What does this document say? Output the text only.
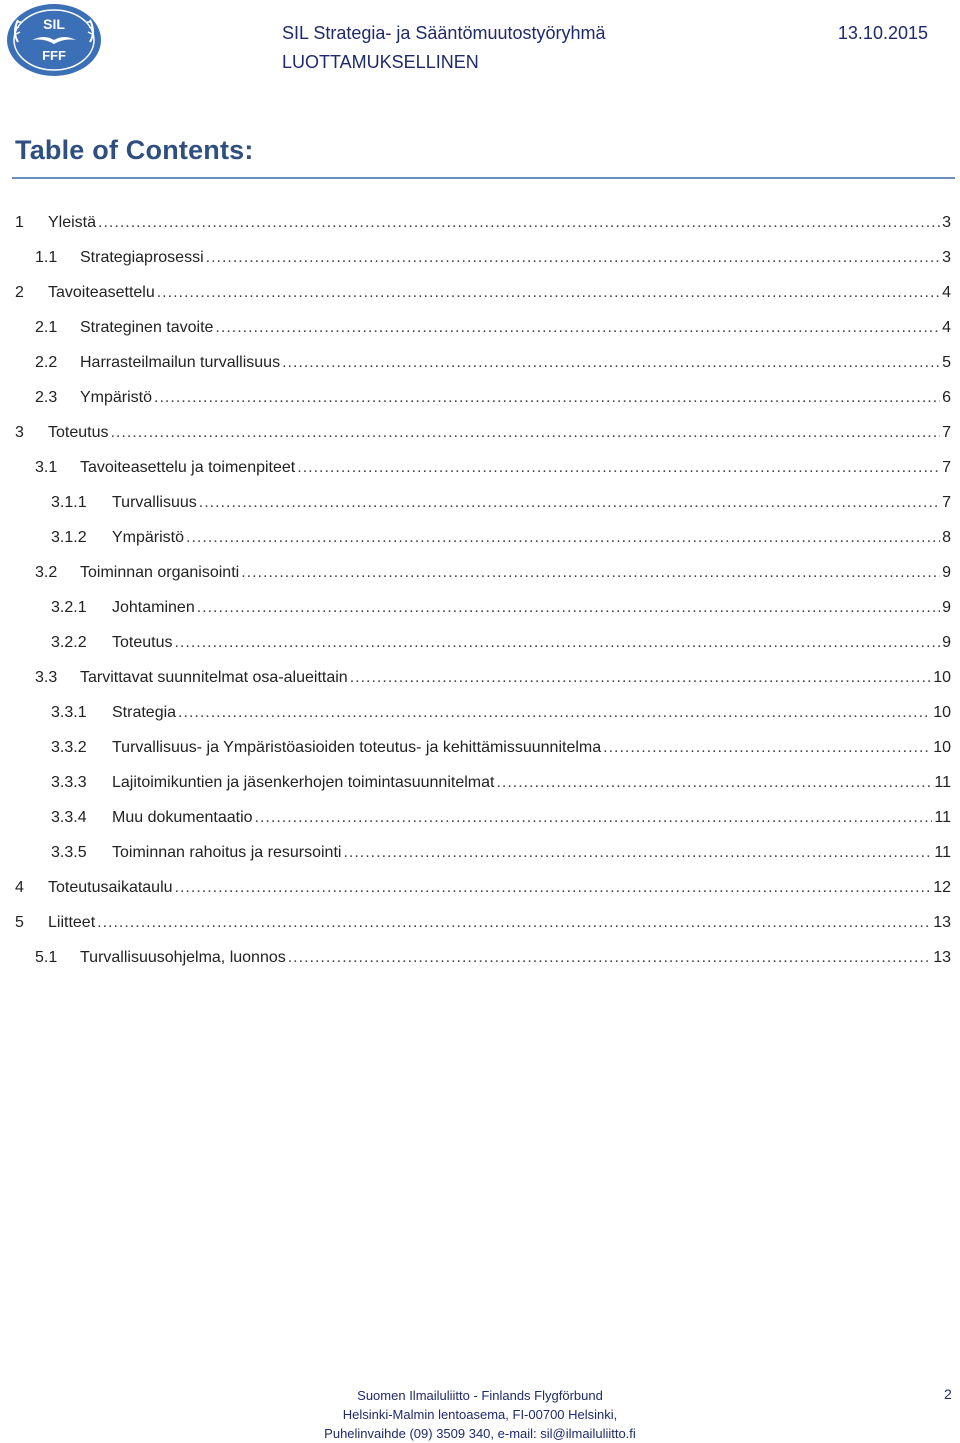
SIL
FFF
SIL Strategia- ja Sääntömuutostyöryhmä	13.10.2015
LUOTTAMUKSELLINEN
Table of Contents:
1	Yleistä .....	3
1.1	Strategiaprosessi .....	3
2	Tavoiteasettelu .....	4
2.1	Strateginen tavoite .....	4
2.2	Harrasteilmailun turvallisuus .....	5
2.3	Ympäristö .....	6
3	Toteutus .....	7
3.1	Tavoiteasettelu ja toimenpiteet .....	7
3.1.1	Turvallisuus .....	7
3.1.2	Ympäristö .....	8
3.2	Toiminnan organisointi .....	9
3.2.1	Johtaminen .....	9
3.2.2	Toteutus .....	9
3.3	Tarvittavat suunnitelmat osa-alueittain .....	10
3.3.1	Strategia .....	10
3.3.2	Turvallisuus- ja Ympäristöasioiden toteutus- ja kehittämissuunnitelma .....	10
3.3.3	Lajitoimikuntien ja jäsenkerhojen toimintasuunnitelmat .....	11
3.3.4	Muu dokumentaatio .....	11
3.3.5	Toiminnan rahoitus ja resursointi .....	11
4	Toteutusaikataulu .....	12
5	Liitteet .....	13
5.1	Turvallisuusohjelma, luonnos .....	13
Suomen Ilmailuliitto - Finlands Flygförbund
Helsinki-Malmin lentoasema, FI-00700 Helsinki,
Puhelinvaihde (09) 3509 340, e-mail: sil@ilmailuliitto.fi
2
